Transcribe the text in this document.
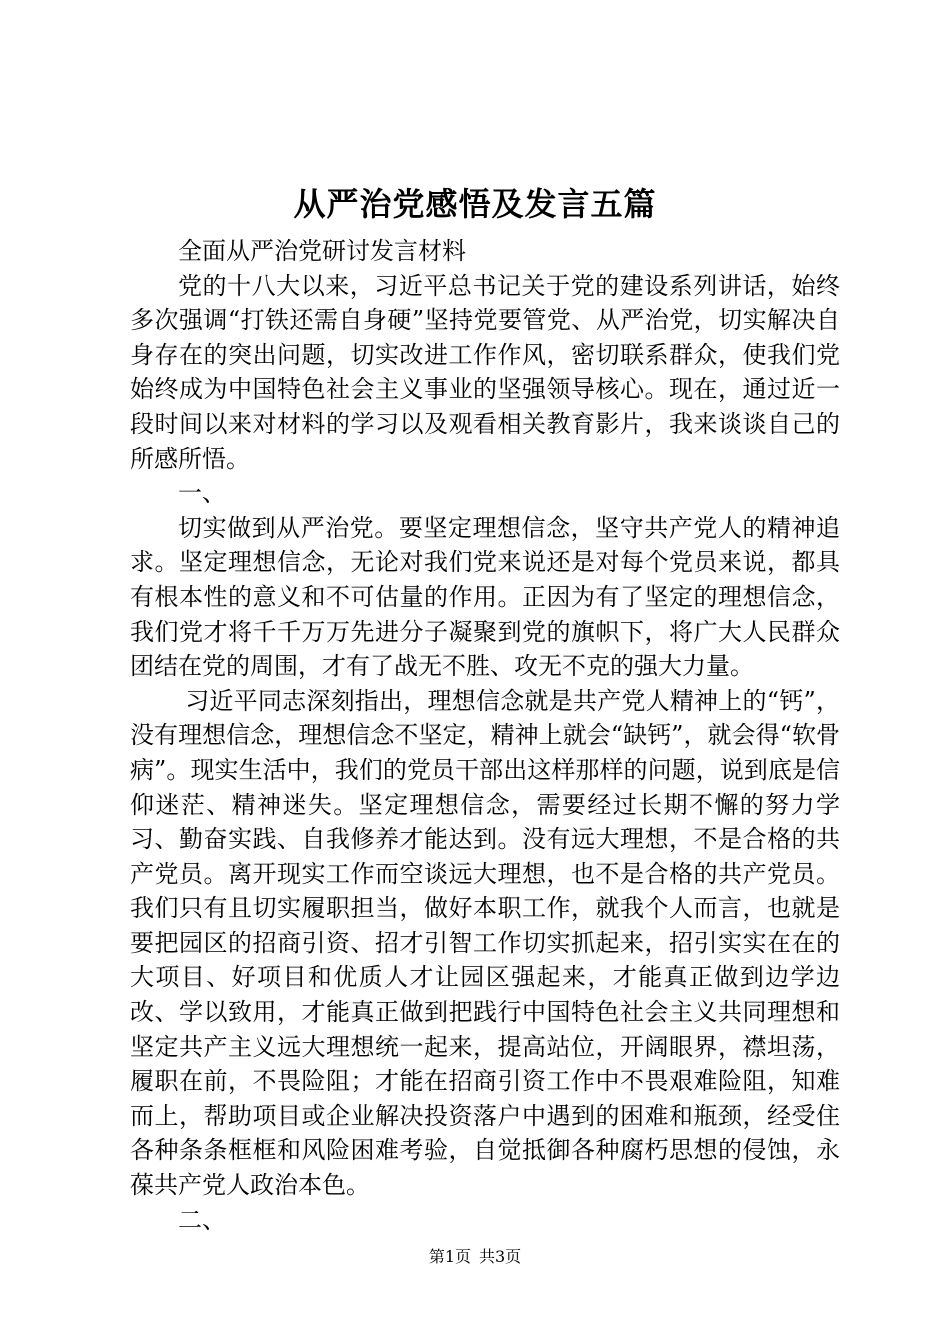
从严治党感悟及发言五篇

全面从严治党研讨发言材料

党的十八大以来，习近平总书记关于党的建设系列讲话，始终多次强调“打铁还需自身硬”坚持党要管党、从严治党，切实解决自身存在的突出问题，切实改进工作作风，密切联系群众，使我们党始终成为中国特色社会主义事业的坚强领导核心。现在，通过近一段时间以来对材料的学习以及观看相关教育影片，我来谈谈自己的所感所悟。

一、

切实做到从严治党。要坚定理想信念，坚守共产党人的精神追求。坚定理想信念，无论对我们党来说还是对每个党员来说，都具有根本性的意义和不可估量的作用。正因为有了坚定的理想信念，我们党才将千千万万先进分子凝聚到党的旗帜下，将广大人民群众团结在党的周围，才有了战无不胜、攻无不克的强大力量。

习近平同志深刻指出，理想信念就是共产党人精神上的“钙”，没有理想信念，理想信念不坚定，精神上就会“缺钙”，就会得“软骨病”。现实生活中，我们的党员干部出这样那样的问题，说到底是信仰迷茫、精神迷失。坚定理想信念，需要经过长期不懈的努力学习、勤奋实践、自我修养才能达到。没有远大理想，不是合格的共产党员。离开现实工作而空谈远大理想，也不是合格的共产党员。我们只有且切实履职担当，做好本职工作，就我个人而言，也就是要把园区的招商引资、招才引智工作切实抓起来，招引实实在在的大项目、好项目和优质人才让园区强起来，才能真正做到边学边改、学以致用，才能真正做到把践行中国特色社会主义共同理想和坚定共产主义远大理想统一起来，提高站位，开阔眼界，襟坦荡，履职在前，不畏险阻；才能在招商引资工作中不畏艰难险阻，知难而上，帮助项目或企业解决投资落户中遇到的困难和瓶颈，经受住各种条条框框和风险困难考验，自觉抵御各种腐朽思想的侵蚀，永葆共产党人政治本色。

二、

第1页 共3页
